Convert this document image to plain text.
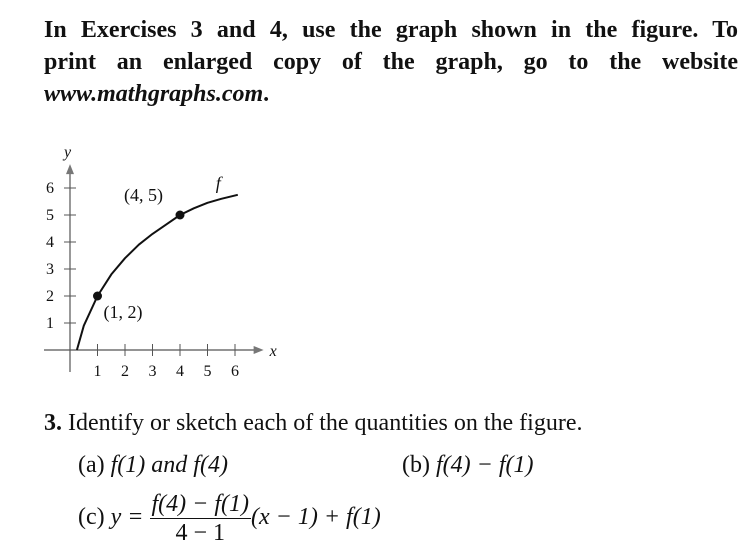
In Exercises 3 and 4, use the graph shown in the figure. To
print an enlarged copy of the graph, go to the website
www.mathgraphs.com.
x
y
1 2 3 4 5 6
1
2
3
4
5
6	f
(1, 2)
(4, 5)
3. Identify or sketch each of the quantities on the figure.
(a) f(1) and f(4)	(b) f(4) − f(1)
(c) $y = \frac{f(4) - f(1)}{4 - 1} (x - 1) + f(1)$
